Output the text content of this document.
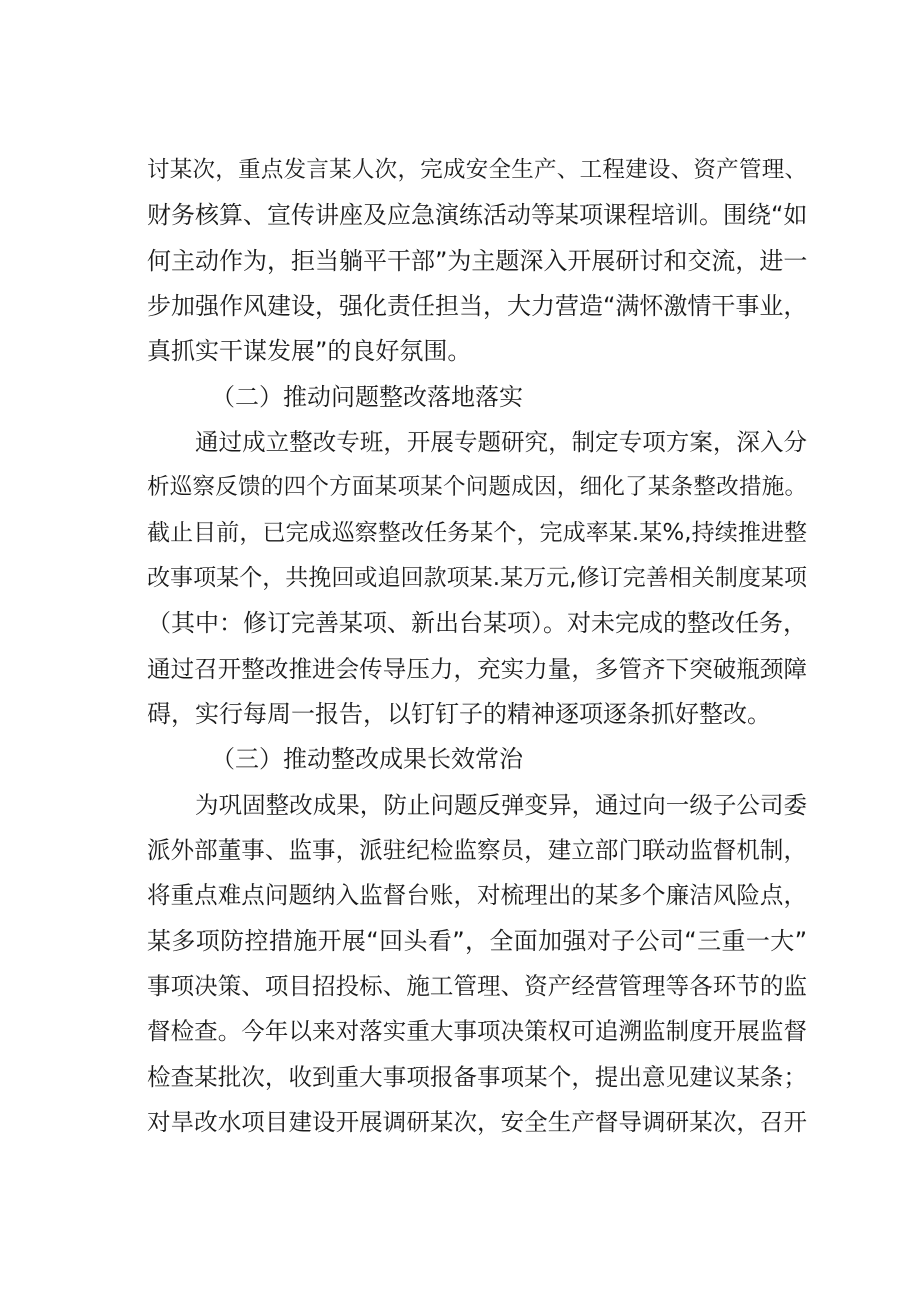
讨某次，重点发言某人次，完成安全生产、工程建设、资产管理、
财务核算、宣传讲座及应急演练活动等某项课程培训。围绕“如
何主动作为，拒当躺平干部”为主题深入开展研讨和交流，进一
步加强作风建设，强化责任担当，大力营造“满怀激情干事业，
真抓实干谋发展”的良好氛围。
（二）推动问题整改落地落实
通过成立整改专班，开展专题研究，制定专项方案，深入分
析巡察反馈的四个方面某项某个问题成因，细化了某条整改措施。
截止目前，已完成巡察整改任务某个，完成率某.某%,持续推进整
改事项某个，共挽回或追回款项某.某万元,修订完善相关制度某项
（其中：修订完善某项、新出台某项）。对未完成的整改任务，
通过召开整改推进会传导压力，充实力量，多管齐下突破瓶颈障
碍，实行每周一报告，以钉钉子的精神逐项逐条抓好整改。
（三）推动整改成果长效常治
为巩固整改成果，防止问题反弹变异，通过向一级子公司委
派外部董事、监事，派驻纪检监察员，建立部门联动监督机制，
将重点难点问题纳入监督台账，对梳理出的某多个廉洁风险点，
某多项防控措施开展“回头看”，全面加强对子公司“三重一大”
事项决策、项目招投标、施工管理、资产经营管理等各环节的监
督检查。今年以来对落实重大事项决策权可追溯监制度开展监督
检查某批次，收到重大事项报备事项某个，提出意见建议某条；
对旱改水项目建设开展调研某次，安全生产督导调研某次，召开
